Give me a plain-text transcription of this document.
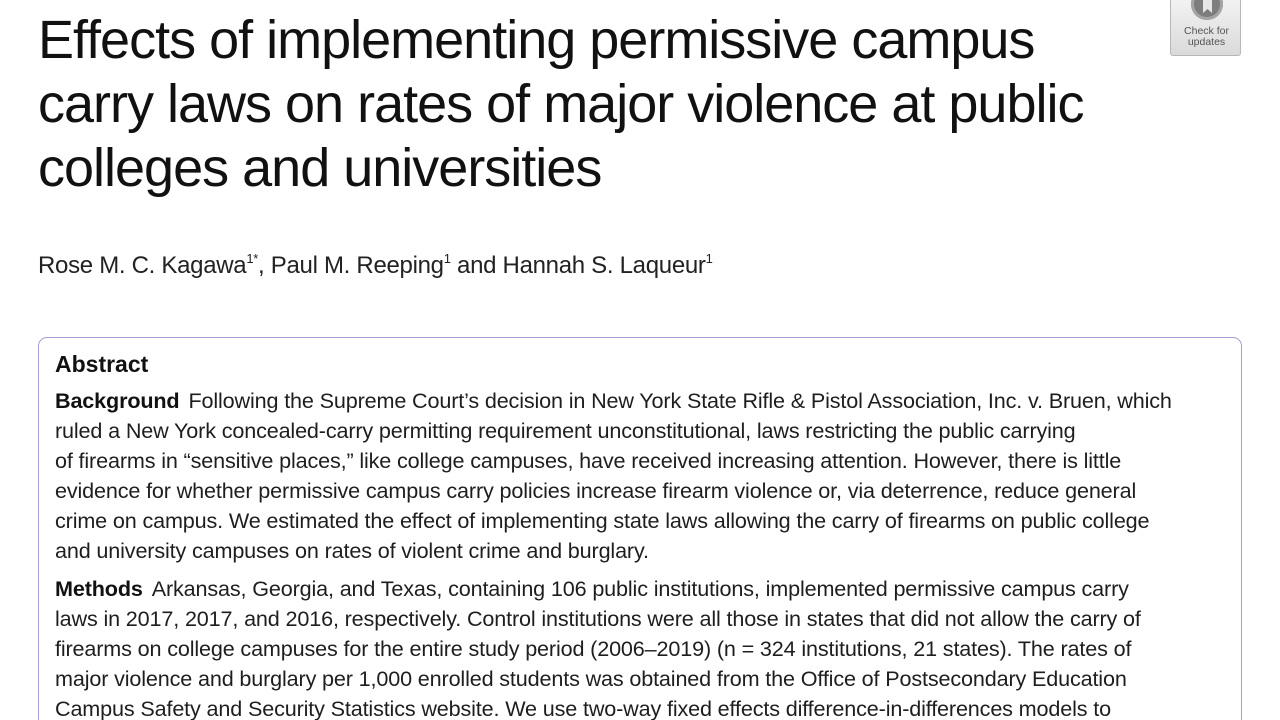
Effects of implementing permissive campus carry laws on rates of major violence at public colleges and universities
Check for
updates

Rose M. C. Kagawa$^{1*}$, Paul M. Reeping$^1$ and Hannah S. Laqueur$^1$

Abstract

Background Following the Supreme Court’s decision in New York State Rifle & Pistol Association, Inc. v. Bruen, which
ruled a New York concealed-carry permitting requirement unconstitutional, laws restricting the public carrying
of firearms in “sensitive places,” like college campuses, have received increasing attention. However, there is little
evidence for whether permissive campus carry policies increase firearm violence or, via deterrence, reduce general
crime on campus. We estimated the effect of implementing state laws allowing the carry of firearms on public college
and university campuses on rates of violent crime and burglary.

Methods Arkansas, Georgia, and Texas, containing 106 public institutions, implemented permissive campus carry
laws in 2017, 2017, and 2016, respectively. Control institutions were all those in states that did not allow the carry of
firearms on college campuses for the entire study period (2006–2019) (n = 324 institutions, 21 states). The rates of
major violence and burglary per 1,000 enrolled students was obtained from the Office of Postsecondary Education
Campus Safety and Security Statistics website. We use two-way fixed effects difference-in-differences models to
